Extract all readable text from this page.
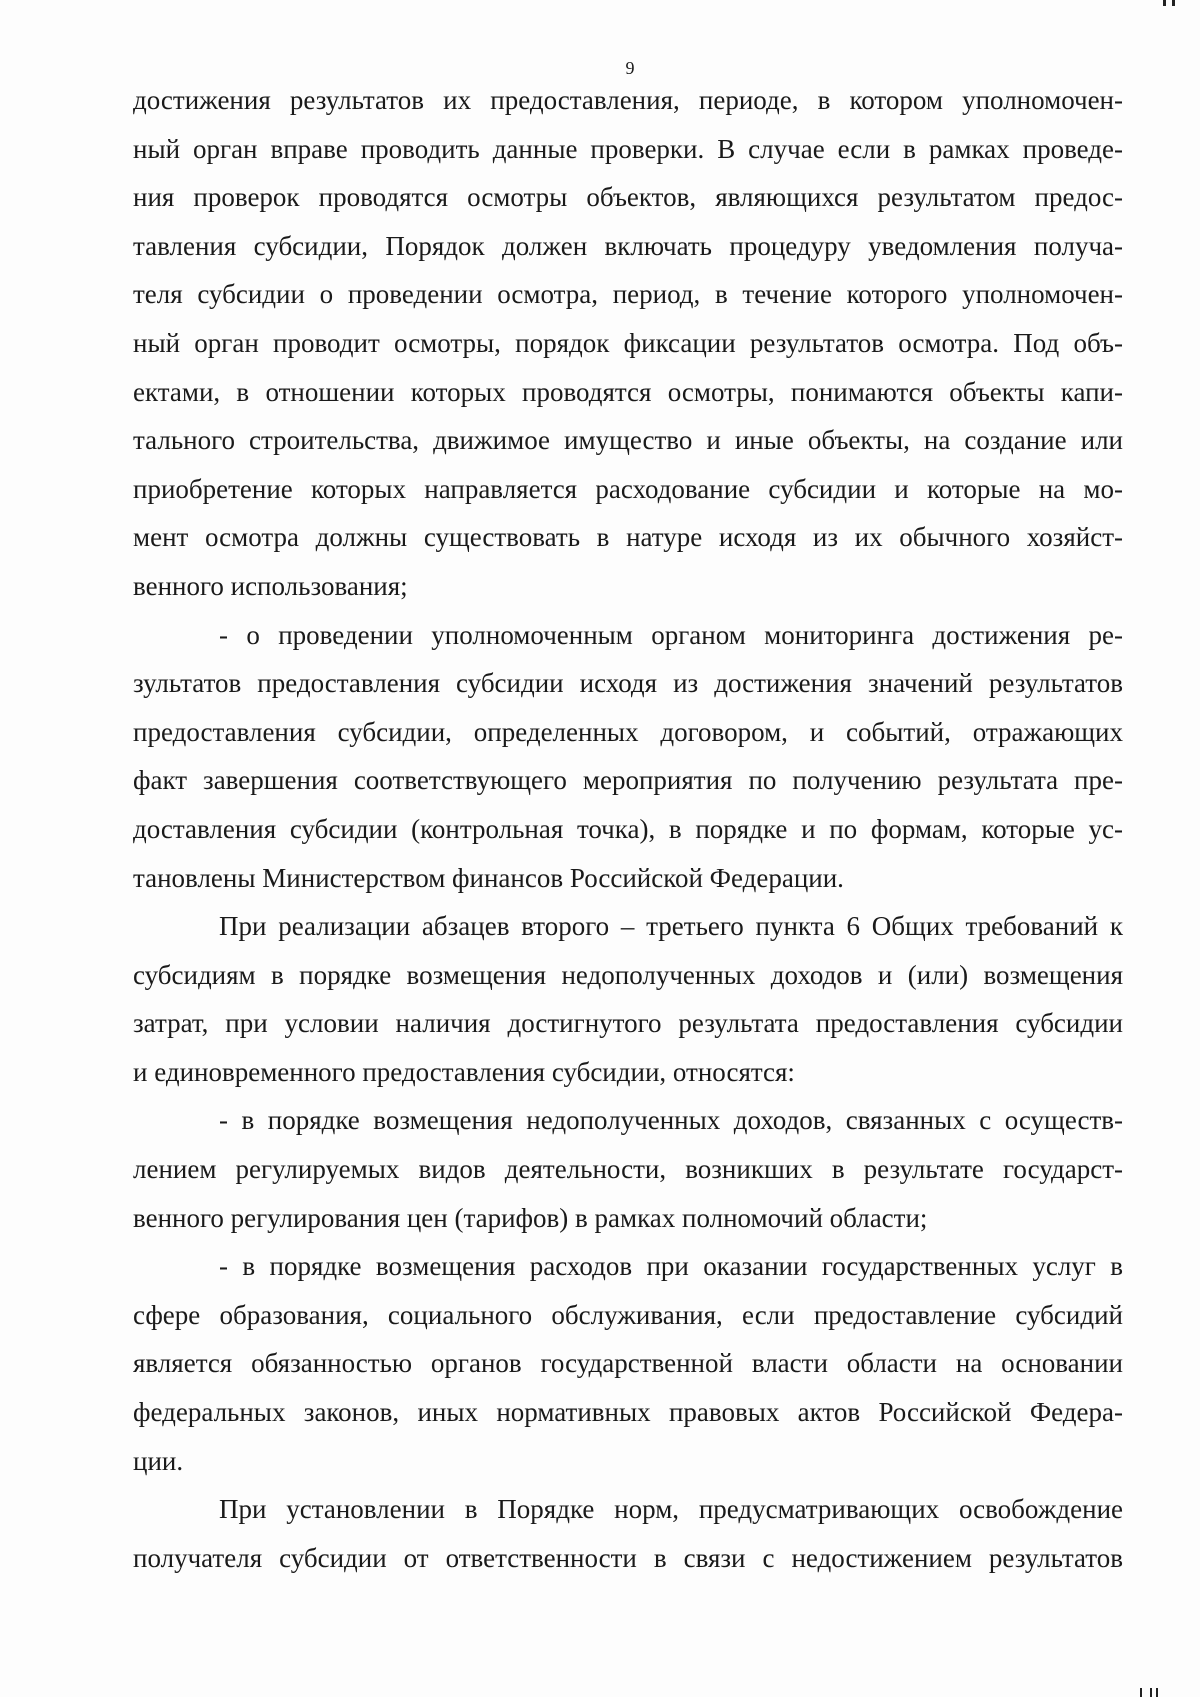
9
достижения результатов их предоставления, периоде, в котором уполномочен-
ный орган вправе проводить данные проверки. В случае если в рамках проведе-
ния проверок проводятся осмотры объектов, являющихся результатом предос-
тавления субсидии, Порядок должен включать процедуру уведомления получа-
теля субсидии о проведении осмотра, период, в течение которого уполномочен-
ный орган проводит осмотры, порядок фиксации результатов осмотра. Под объ-
ектами, в отношении которых проводятся осмотры, понимаются объекты капи-
тального строительства, движимое имущество и иные объекты, на создание или
приобретение которых направляется расходование субсидии и которые на мо-
мент осмотра должны существовать в натуре исходя из их обычного хозяйст-
венного использования;
- о проведении уполномоченным органом мониторинга достижения ре-
зультатов предоставления субсидии исходя из достижения значений результатов
предоставления субсидии, определенных договором, и событий, отражающих
факт завершения соответствующего мероприятия по получению результата пре-
доставления субсидии (контрольная точка), в порядке и по формам, которые ус-
тановлены Министерством финансов Российской Федерации.
При реализации абзацев второго – третьего пункта 6 Общих требований к
субсидиям в порядке возмещения недополученных доходов и (или) возмещения
затрат, при условии наличия достигнутого результата предоставления субсидии
и единовременного предоставления субсидии, относятся:
- в порядке возмещения недополученных доходов, связанных с осуществ-
лением регулируемых видов деятельности, возникших в результате государст-
венного регулирования цен (тарифов) в рамках полномочий области;
- в порядке возмещения расходов при оказании государственных услуг в
сфере образования, социального обслуживания, если предоставление субсидий
является обязанностью органов государственной власти области на основании
федеральных законов, иных нормативных правовых актов Российской Федера-
ции.
При установлении в Порядке норм, предусматривающих освобождение
получателя субсидии от ответственности в связи с недостижением результатов
